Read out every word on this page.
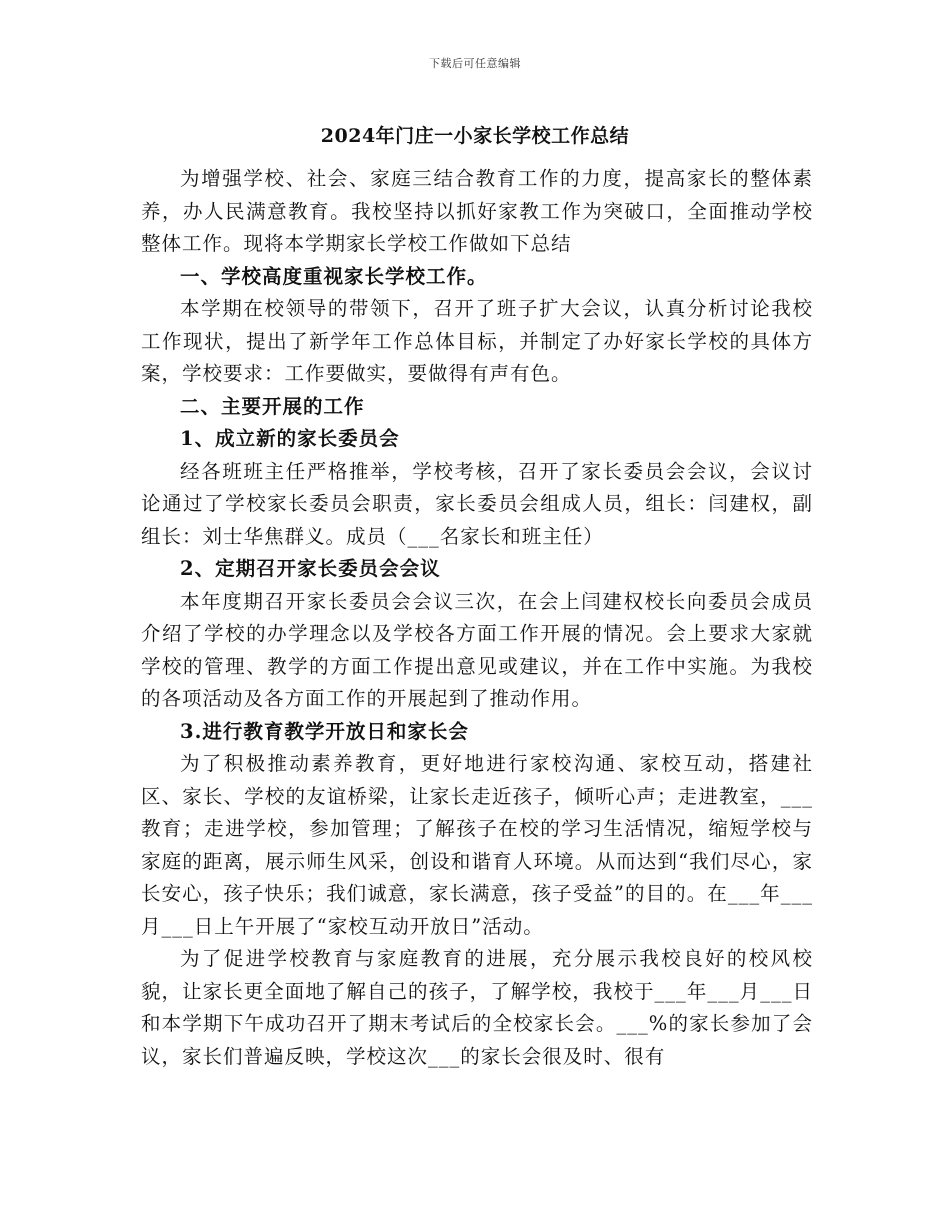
下载后可任意编辑
2024年门庄一小家长学校工作总结

为增强学校、社会、家庭三结合教育工作的力度，提高家长的整体素养，办人民满意教育。我校坚持以抓好家教工作为突破口，全面推动学校整体工作。现将本学期家长学校工作做如下总结

一、学校高度重视家长学校工作。

本学期在校领导的带领下，召开了班子扩大会议，认真分析讨论我校工作现状，提出了新学年工作总体目标，并制定了办好家长学校的具体方案，学校要求：工作要做实，要做得有声有色。

二、主要开展的工作

1、成立新的家长委员会

经各班班主任严格推举，学校考核，召开了家长委员会会议，会议讨论通过了学校家长委员会职责，家长委员会组成人员，组长：闫建权，副组长：刘士华焦群义。成员（___名家长和班主任）

2、定期召开家长委员会会议

本年度期召开家长委员会会议三次，在会上闫建权校长向委员会成员介绍了学校的办学理念以及学校各方面工作开展的情况。会上要求大家就学校的管理、教学的方面工作提出意见或建议，并在工作中实施。为我校的各项活动及各方面工作的开展起到了推动作用。

3.进行教育教学开放日和家长会

为了积极推动素养教育，更好地进行家校沟通、家校互动，搭建社区、家长、学校的友谊桥梁，让家长走近孩子，倾听心声；走进教室，___教育；走进学校，参加管理；了解孩子在校的学习生活情况，缩短学校与家庭的距离，展示师生风采，创设和谐育人环境。从而达到“我们尽心，家长安心，孩子快乐；我们诚意，家长满意，孩子受益”的目的。在___年___月___日上午开展了“家校互动开放日”活动。

为了促进学校教育与家庭教育的进展，充分展示我校良好的校风校貌，让家长更全面地了解自己的孩子，了解学校，我校于___年___月___日和本学期下午成功召开了期末考试后的全校家长会。___%的家长参加了会议，家长们普遍反映，学校这次___的家长会很及时、很有
